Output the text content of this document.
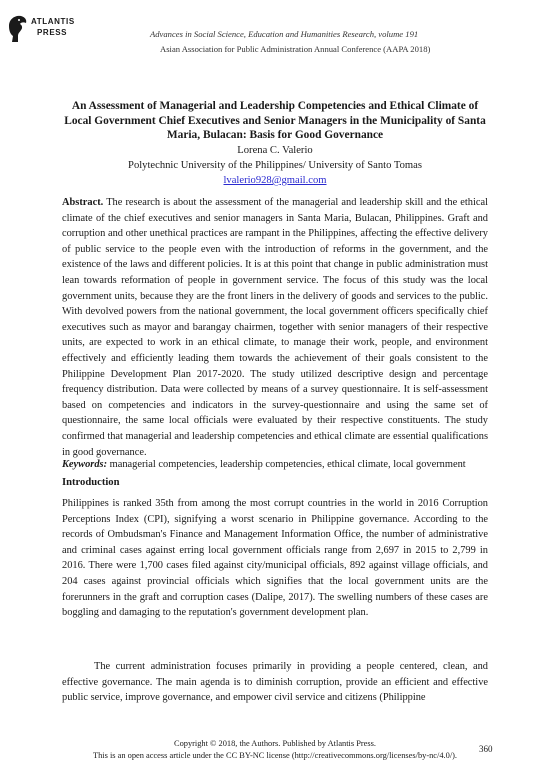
ATLANTIS
PRESS	Advances in Social Science, Education and Humanities Research, volume 191
Asian Association for Public Administration Annual Conference (AAPA 2018)
An Assessment of Managerial and Leadership Competencies and Ethical Climate of Local Government Chief Executives and Senior Managers in the Municipality of Santa Maria, Bulacan: Basis for Good Governance
Lorena C. Valerio
Polytechnic University of the Philippines/ University of Santo Tomas
lvalerio928@gmail.com
Abstract. The research is about the assessment of the managerial and leadership skill and the ethical climate of the chief executives and senior managers in Santa Maria, Bulacan, Philippines. Graft and corruption and other unethical practices are rampant in the Philippines, affecting the effective delivery of public service to the people even with the introduction of reforms in the government, and the existence of the laws and different policies. It is at this point that change in public administration must lean towards reformation of people in government service. The focus of this study was the local government units, because they are the front liners in the delivery of goods and services to the public. With devolved powers from the national government, the local government officers specifically chief executives such as mayor and barangay chairmen, together with senior managers of their respective units, are expected to work in an ethical climate, to manage their work, people, and environment effectively and efficiently leading them towards the achievement of their goals consistent to the Philippine Development Plan 2017-2020. The study utilized descriptive design and percentage frequency distribution. Data were collected by means of a survey questionnaire. It is self-assessment based on competencies and indicators in the survey-questionnaire and using the same set of questionnaire, the same local officials were evaluated by their respective constituents. The study confirmed that managerial and leadership competencies and ethical climate are essential qualifications in good governance.
Keywords: managerial competencies, leadership competencies, ethical climate, local government
Introduction
Philippines is ranked 35th from among the most corrupt countries in the world in 2016 Corruption Perceptions Index (CPI), signifying a worst scenario in Philippine governance. According to the records of Ombudsman's Finance and Management Information Office, the number of administrative and criminal cases against erring local government officials range from 2,697 in 2015 to 2,799 in 2016. There were 1,700 cases filed against city/municipal officials, 892 against village officials, and 204 cases against provincial officials which signifies that the local government units are the forerunners in the graft and corruption cases (Dalipe, 2017). The swelling numbers of these cases are boggling and damaging to the reputation's government development plan.
The current administration focuses primarily in providing a people centered, clean, and effective governance. The main agenda is to diminish corruption, provide an efficient and effective public service, improve governance, and empower civil service and citizens (Philippine
Copyright © 2018, the Authors. Published by Atlantis Press.
This is an open access article under the CC BY-NC license (http://creativecommons.org/licenses/by-nc/4.0/).
360
